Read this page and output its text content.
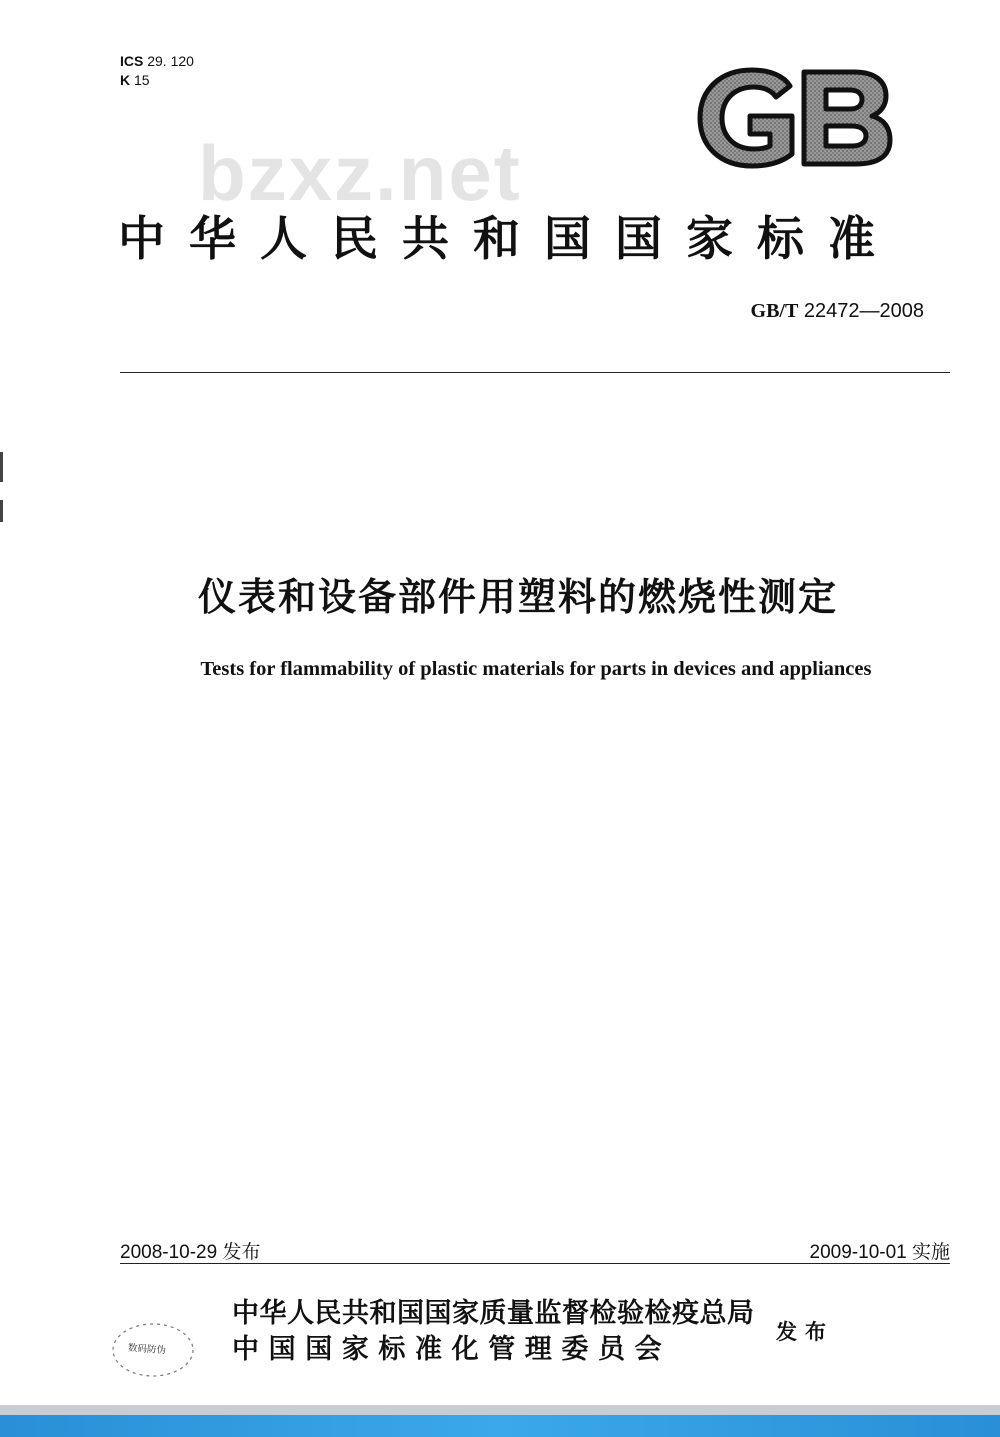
ICS 29. 120
K 15
bzxz.net
中华人民共和国国家标准
GB/T 22472—2008
仪表和设备部件用塑料的燃烧性测定
Tests for flammability of plastic materials for parts in devices and appliances
2008-10-29 发布	2009-10-01 实施
数码防伪
中华人民共和国国家质量监督检验检疫总局
中国国家标准化管理委员会
发布
